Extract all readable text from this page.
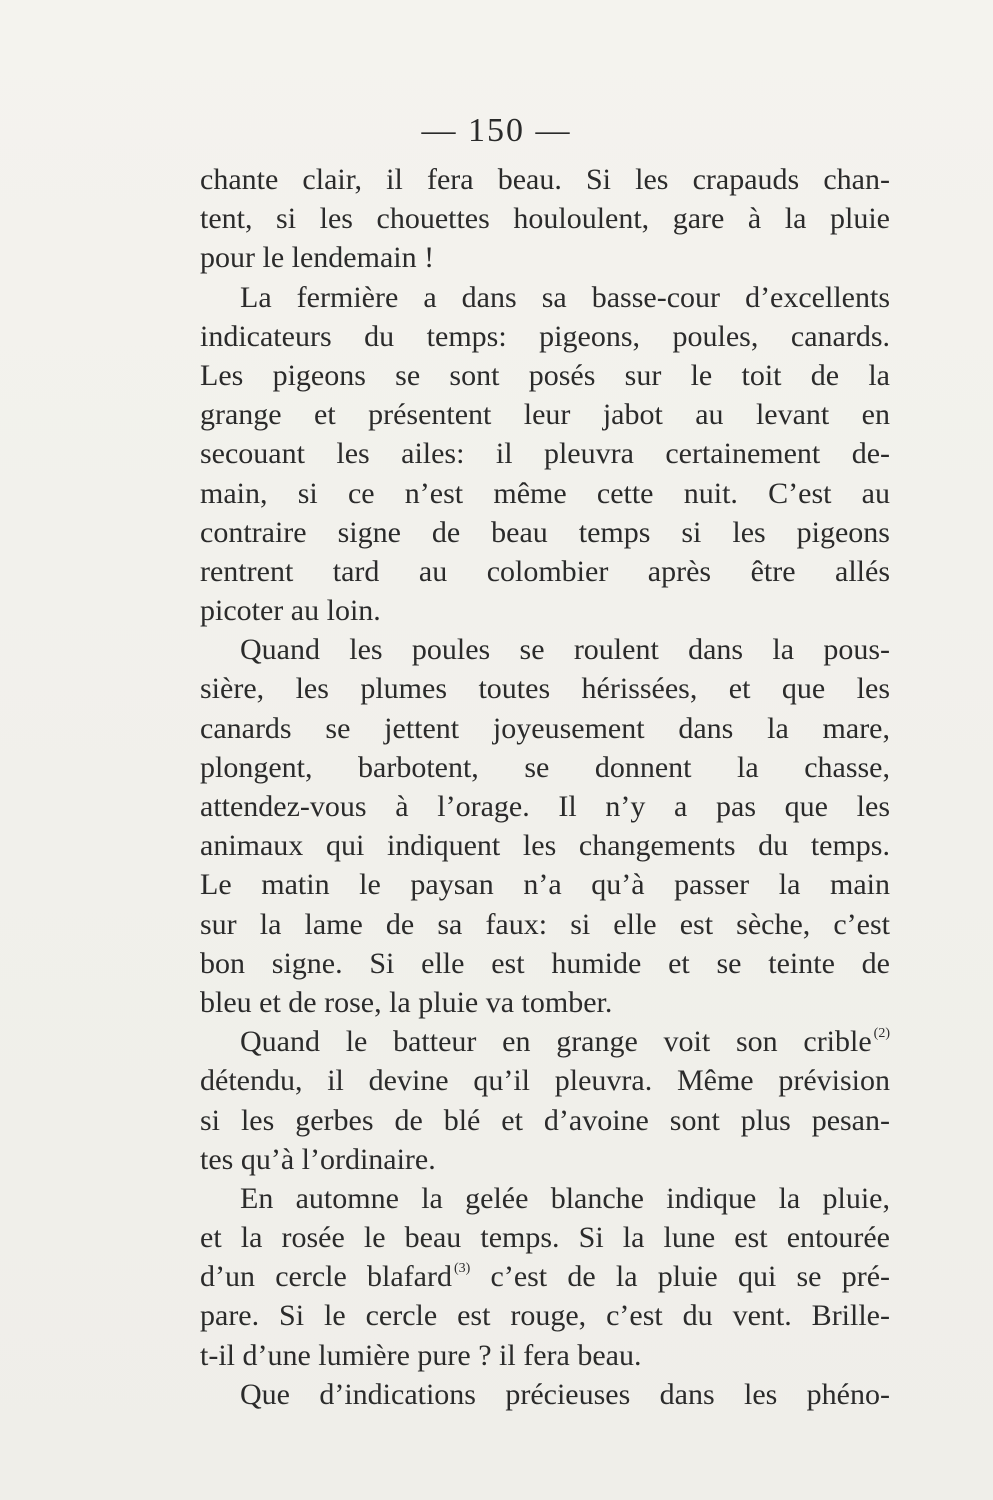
— 150 —
chante clair, il fera beau. Si les crapauds chan-
tent, si les chouettes houloulent, gare à la pluie
pour le lendemain !
La fermière a dans sa basse-cour d’excellents
indicateurs du temps: pigeons, poules, canards.
Les pigeons se sont posés sur le toit de la
grange et présentent leur jabot au levant en
secouant les ailes: il pleuvra certainement de-
main, si ce n’est même cette nuit. C’est au
contraire signe de beau temps si les pigeons
rentrent tard au colombier après être allés
picoter au loin.
Quand les poules se roulent dans la pous-
sière, les plumes toutes hérissées, et que les
canards se jettent joyeusement dans la mare,
plongent, barbotent, se donnent la chasse,
attendez-vous à l’orage. Il n’y a pas que les
animaux qui indiquent les changements du temps.
Le matin le paysan n’a qu’à passer la main
sur la lame de sa faux: si elle est sèche, c’est
bon signe. Si elle est humide et se teinte de
bleu et de rose, la pluie va tomber.
Quand le batteur en grange voit son crible $^{(2)}$
détendu, il devine qu’il pleuvra. Même prévision
si les gerbes de blé et d’avoine sont plus pesan-
tes qu’à l’ordinaire.
En automne la gelée blanche indique la pluie,
et la rosée le beau temps. Si la lune est entourée
d’un cercle blafard $^{(3)}$ c’est de la pluie qui se pré-
pare. Si le cercle est rouge, c’est du vent. Brille-
t-il d’une lumière pure ? il fera beau.
Que d’indications précieuses dans les phéno-
